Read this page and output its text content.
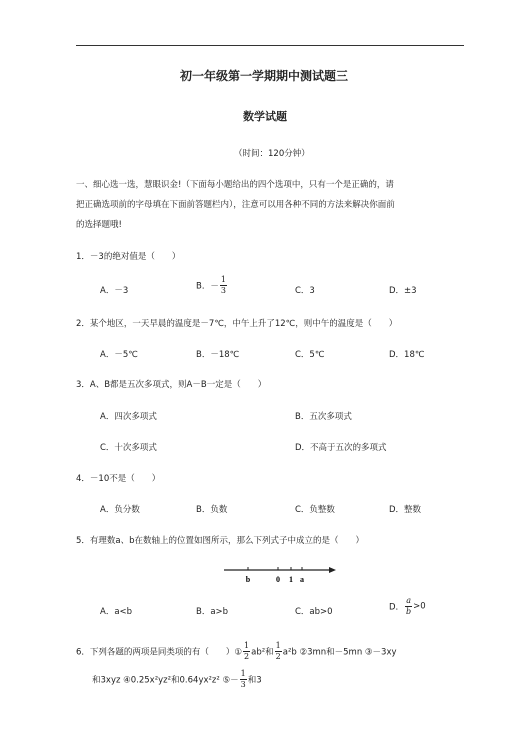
初一年级第一学期期中测试题三
数学试题
（时间：120分钟）
一、细心选一选，慧眼识金!（下面每小题给出的四个选项中，只有一个是正确的，请
把正确选项前的字母填在下面前答题栏内），注意可以用各种不同的方法来解决你面前
的选择题哦!
1．－3的绝对值是（　　）
A．－3	B．－ $\frac{1}{3}$	C．3	D．±3
2．某个地区，一天早晨的温度是－7℃，中午上升了12℃，则中午的温度是（　　）
A．－5℃	B．－18℃	C．5℃	D．18℃
3．A、B都是五次多项式，则A－B一定是（　　）
A．四次多项式	B．五次多项式
C．十次多项式	D．不高于五次的多项式
4．－10不是（　　）
A．负分数	B．负数	C．负整数	D．整数
5．有理数a、b在数轴上的位置如图所示，那么下列式子中成立的是（　　）
b	0 1 a
A．a<b	B．a>b	C．ab>0	D． $\frac{a}{b} >0$
6．下列各题的两项是同类项的有（　　）① $\frac{1}{2} ab^2$和 $\frac{1}{2} a^2b$ ②3mn和－5mn ③－3xy
和3xyz ④0.25x²yz²和0.64yx²z² ⑤－ $\frac{1}{3}$ 和3
